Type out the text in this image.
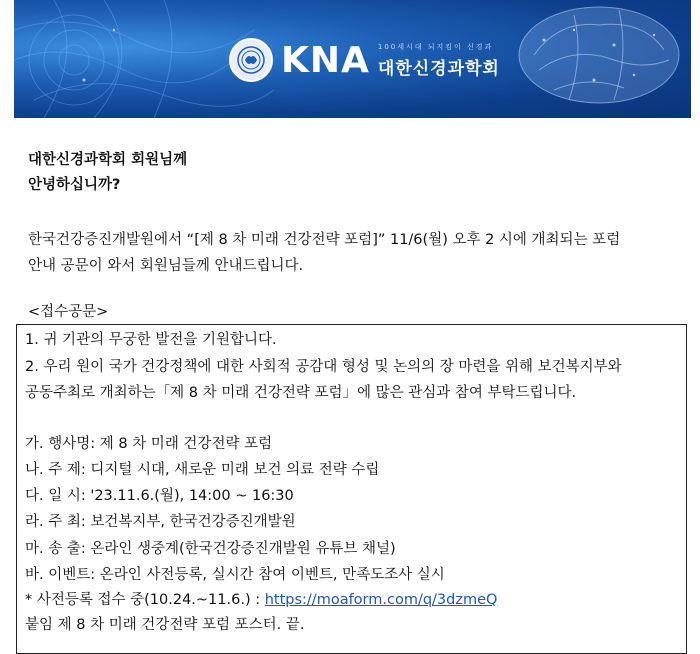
KNA 100세시대 뇌지킴이 신경과
대한신경과학회
대한신경과학회 회원님께
안녕하십니까?
한국건강증진개발원에서 “[제 8 차 미래 건강전략 포럼]” 11/6(월) 오후 2 시에 개최되는 포럼
안내 공문이 와서 회원님들께 안내드립니다.
<접수공문>
1. 귀 기관의 무궁한 발전을 기원합니다.
2. 우리 원이 국가 건강정책에 대한 사회적 공감대 형성 및 논의의 장 마련을 위해 보건복지부와
공동주최로 개최하는「제 8 차 미래 건강전략 포럼」에 많은 관심과 참여 부탁드립니다.
가. 행사명: 제 8 차 미래 건강전략 포럼
나. 주 제: 디지털 시대, 새로운 미래 보건 의료 전략 수립
다. 일 시: '23.11.6.(월), 14:00 ~ 16:30
라. 주 최: 보건복지부, 한국건강증진개발원
마. 송 출: 온라인 생중계(한국건강증진개발원 유튜브 채널)
바. 이벤트: 온라인 사전등록, 실시간 참여 이벤트, 만족도조사 실시
* 사전등록 접수 중(10.24.~11.6.) : https://moaform.com/q/3dzmeQ
붙임 제 8 차 미래 건강전략 포럼 포스터. 끝.
